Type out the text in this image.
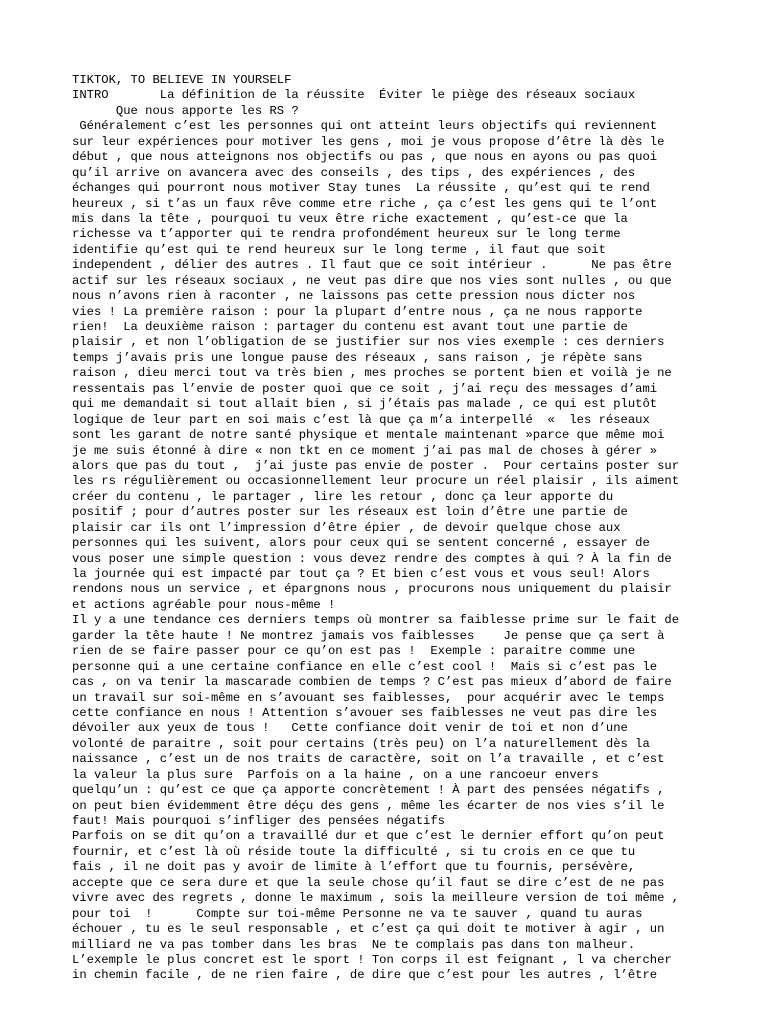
TIKTOK, TO BELIEVE IN YOURSELF
INTRO       La définition de la réussite  Éviter le piège des réseaux sociaux
Que nous apporte les RS ?
Généralement c’est les personnes qui ont atteint leurs objectifs qui reviennent
sur leur expériences pour motiver les gens , moi je vous propose d’être là dès le
début , que nous atteignons nos objectifs ou pas , que nous en ayons ou pas quoi
qu’il arrive on avancera avec des conseils , des tips , des expériences , des
échanges qui pourront nous motiver Stay tunes  La réussite , qu’est qui te rend
heureux , si t’as un faux rêve comme etre riche , ça c’est les gens qui te l’ont
mis dans la tête , pourquoi tu veux être riche exactement , qu’est-ce que la
richesse va t’apporter qui te rendra profondément heureux sur le long terme
identifie qu’est qui te rend heureux sur le long terme , il faut que soit
independent , délier des autres . Il faut que ce soit intérieur .      Ne pas être
actif sur les réseaux sociaux , ne veut pas dire que nos vies sont nulles , ou que
nous n’avons rien à raconter , ne laissons pas cette pression nous dicter nos
vies ! La première raison : pour la plupart d’entre nous , ça ne nous rapporte
rien!  La deuxième raison : partager du contenu est avant tout une partie de
plaisir , et non l’obligation de se justifier sur nos vies exemple : ces derniers
temps j’avais pris une longue pause des réseaux , sans raison , je répète sans
raison , dieu merci tout va très bien , mes proches se portent bien et voilà je ne
ressentais pas l’envie de poster quoi que ce soit , j’ai reçu des messages d’ami
qui me demandait si tout allait bien , si j’étais pas malade , ce qui est plutôt
logique de leur part en soi mais c’est là que ça m’a interpellé  «  les réseaux
sont les garant de notre santé physique et mentale maintenant »parce que même moi
je me suis étonné à dire « non tkt en ce moment j’ai pas mal de choses à gérer »
alors que pas du tout ,  j’ai juste pas envie de poster .  Pour certains poster sur
les rs régulièrement ou occasionnellement leur procure un réel plaisir , ils aiment
créer du contenu , le partager , lire les retour , donc ça leur apporte du
positif ; pour d’autres poster sur les réseaux est loin d’être une partie de
plaisir car ils ont l’impression d’être épier , de devoir quelque chose aux
personnes qui les suivent, alors pour ceux qui se sentent concerné , essayer de
vous poser une simple question : vous devez rendre des comptes à qui ? À la fin de
la journée qui est impacté par tout ça ? Et bien c’est vous et vous seul! Alors
rendons nous un service , et épargnons nous , procurons nous uniquement du plaisir
et actions agréable pour nous-même !
Il y a une tendance ces derniers temps où montrer sa faiblesse prime sur le fait de
garder la tête haute ! Ne montrez jamais vos faiblesses    Je pense que ça sert à
rien de se faire passer pour ce qu’on est pas !  Exemple : paraitre comme une
personne qui a une certaine confiance en elle c’est cool !  Mais si c’est pas le
cas , on va tenir la mascarade combien de temps ? C’est pas mieux d’abord de faire
un travail sur soi-même en s’avouant ses faiblesses,  pour acquérir avec le temps
cette confiance en nous ! Attention s’avouer ses faiblesses ne veut pas dire les
dévoiler aux yeux de tous !   Cette confiance doit venir de toi et non d’une
volonté de paraitre , soit pour certains (très peu) on l’a naturellement dès la
naissance , c’est un de nos traits de caractère, soit on l’a travaille , et c’est
la valeur la plus sure  Parfois on a la haine , on a une rancoeur envers
quelqu’un : qu’est ce que ça apporte concrètement ! À part des pensées négatifs ,
on peut bien évidemment être déçu des gens , même les écarter de nos vies s’il le
faut! Mais pourquoi s’infliger des pensées négatifs
Parfois on se dit qu’on a travaillé dur et que c’est le dernier effort qu’on peut
fournir, et c’est là où réside toute la difficulté , si tu crois en ce que tu
fais , il ne doit pas y avoir de limite à l’effort que tu fournis, persévère,
accepte que ce sera dure et que la seule chose qu’il faut se dire c’est de ne pas
vivre avec des regrets , donne le maximum , sois la meilleure version de toi même ,
pour toi  !      Compte sur toi-même Personne ne va te sauver , quand tu auras
échouer , tu es le seul responsable , et c’est ça qui doit te motiver à agir , un
milliard ne va pas tomber dans les bras  Ne te complais pas dans ton malheur.
L’exemple le plus concret est le sport ! Ton corps il est feignant , l va chercher
in chemin facile , de ne rien faire , de dire que c’est pour les autres , l’être
